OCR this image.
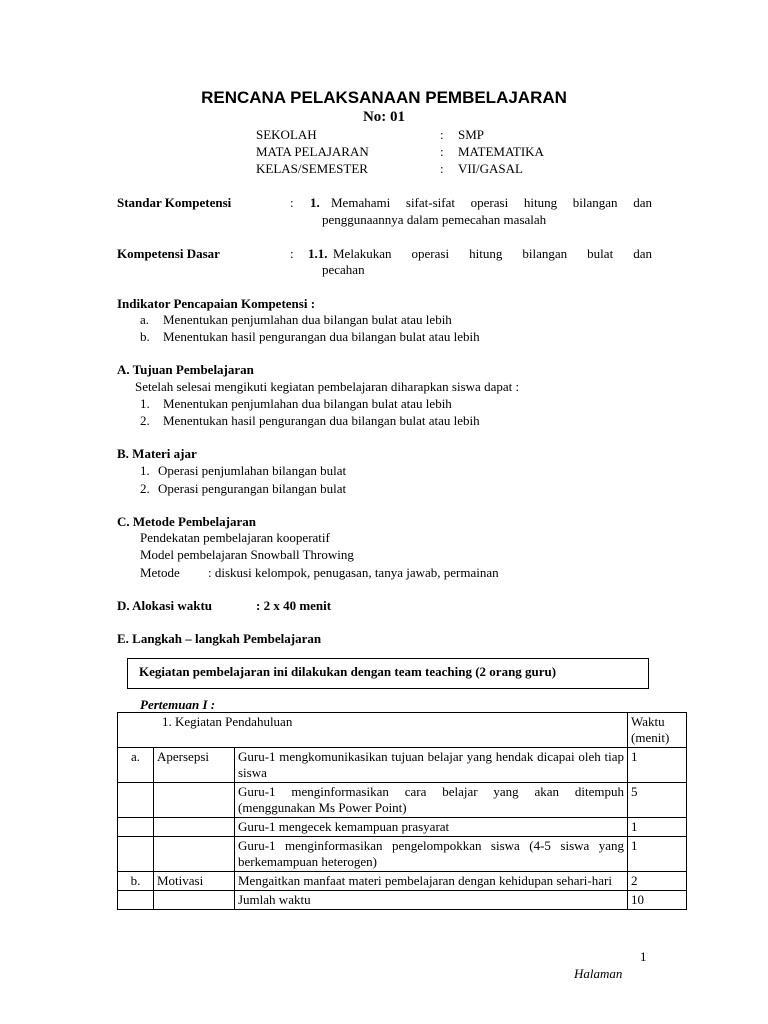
RENCANA PELAKSANAAN PEMBELAJARAN
No: 01
SEKOLAH	: SMP
MATA PELAJARAN	: MATEMATIKA
KELAS/SEMESTER	: VII/GASAL
Standar Kompetensi	: 1. Memahami sifat-sifat operasi hitung bilangan dan
penggunaannya dalam pemecahan masalah
Kompetensi Dasar	: 1.1. Melakukan operasi hitung bilangan bulat dan
pecahan
Indikator Pencapaian Kompetensi :
a. Menentukan penjumlahan dua bilangan bulat atau lebih
b. Menentukan hasil pengurangan dua bilangan bulat atau lebih
A. Tujuan Pembelajaran
Setelah selesai mengikuti kegiatan pembelajaran diharapkan siswa dapat :
1. Menentukan penjumlahan dua bilangan bulat atau lebih
2. Menentukan hasil pengurangan dua bilangan bulat atau lebih
B. Materi ajar
1. Operasi penjumlahan bilangan bulat
2. Operasi pengurangan bilangan bulat
C. Metode Pembelajaran
Pendekatan pembelajaran kooperatif
Model pembelajaran Snowball Throwing
Metode : diskusi kelompok, penugasan, tanya jawab, permainan
D. Alokasi waktu	: 2 x 40 menit
E. Langkah – langkah Pembelajaran
Kegiatan pembelajaran ini dilakukan dengan team teaching (2 orang guru)
Pertemuan I :
1. Kegiatan Pendahuluan			Waktu (menit)
a.	Apersepsi	Guru-1 mengkomunikasikan tujuan belajar yang hendak dicapai oleh tiap siswa	1
		Guru-1 menginformasikan cara belajar yang akan ditempuh (menggunakan Ms Power Point)	5
		Guru-1 mengecek kemampuan prasyarat	1
		Guru-1 menginformasikan pengelompokkan siswa (4-5 siswa yang berkemampuan heterogen)	1
b.	Motivasi	Mengaitkan manfaat materi pembelajaran dengan kehidupan sehari-hari	2
		Jumlah waktu	10
1
Halaman
